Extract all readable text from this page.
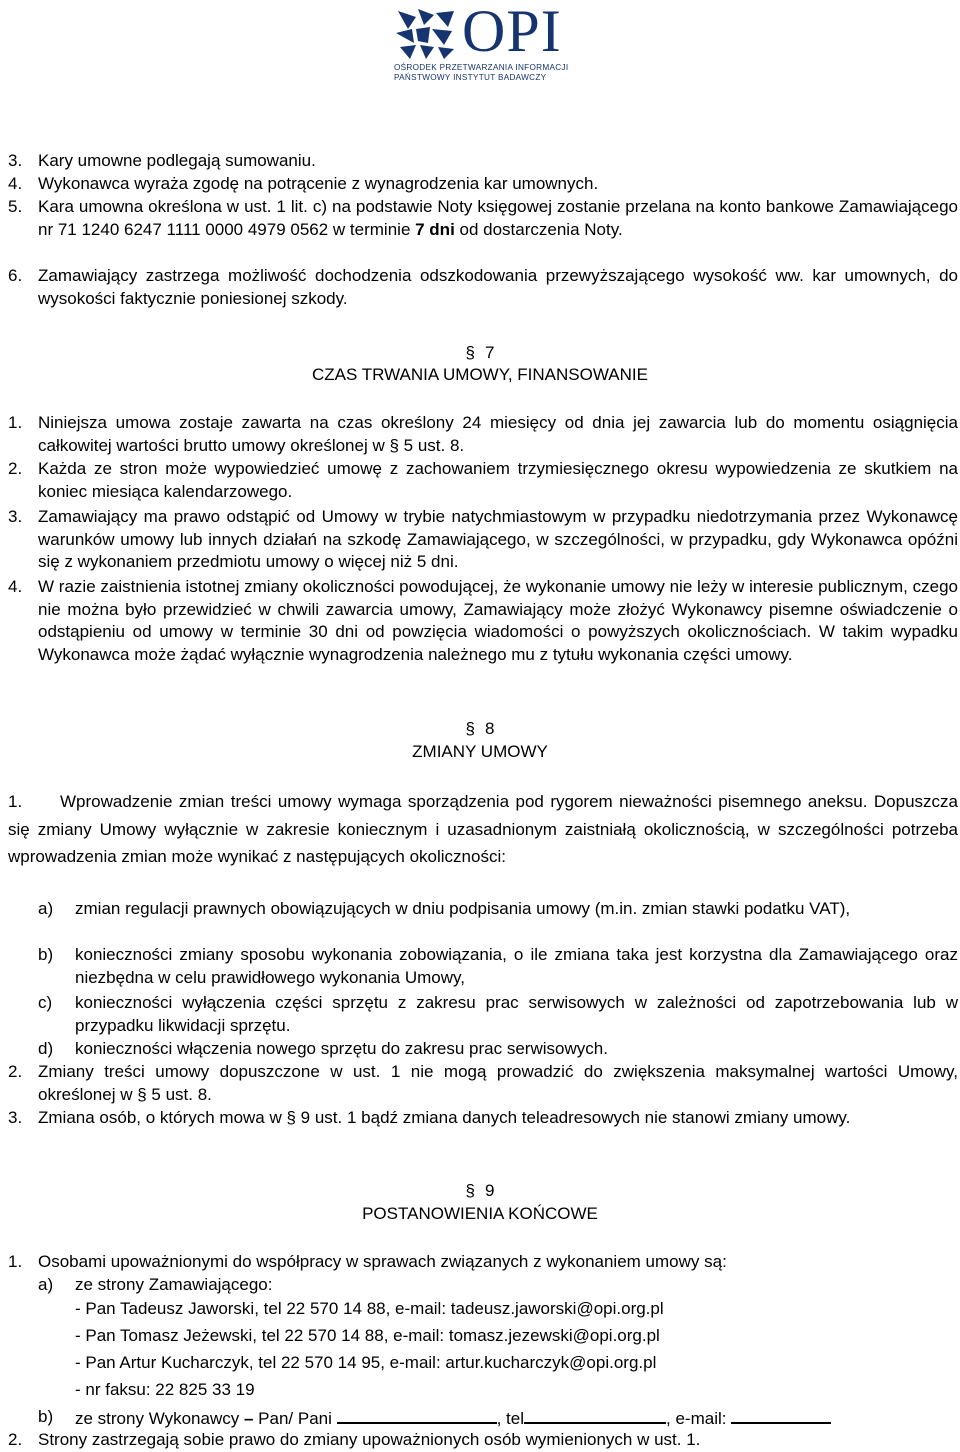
OPI
OŚRODEK PRZETWARZANIA INFORMACJI
PAŃSTWOWY INSTYTUT BADAWCZY
3. Kary umowne podlegają sumowaniu.
4. Wykonawca wyraża zgodę na potrącenie z wynagrodzenia kar umownych.
5. Kara umowna określona w ust. 1 lit. c) na podstawie Noty księgowej zostanie przelana na konto bankowe Zamawiającego nr 71 1240 6247 1111 0000 4979 0562 w terminie 7 dni od dostarczenia Noty.
6. Zamawiający zastrzega możliwość dochodzenia odszkodowania przewyższającego wysokość ww. kar umownych, do wysokości faktycznie poniesionej szkody.
§ 7
CZAS TRWANIA UMOWY, FINANSOWANIE
1. Niniejsza umowa zostaje zawarta na czas określony 24 miesięcy od dnia jej zawarcia lub do momentu osiągnięcia całkowitej wartości brutto umowy określonej w § 5 ust. 8.
2. Każda ze stron może wypowiedzieć umowę z zachowaniem trzymiesięcznego okresu wypowiedzenia ze skutkiem na koniec miesiąca kalendarzowego.
3. Zamawiający ma prawo odstąpić od Umowy w trybie natychmiastowym w przypadku niedotrzymania przez Wykonawcę warunków umowy lub innych działań na szkodę Zamawiającego, w szczególności, w przypadku, gdy Wykonawca opóźni się z wykonaniem przedmiotu umowy o więcej niż 5 dni.
4. W razie zaistnienia istotnej zmiany okoliczności powodującej, że wykonanie umowy nie leży w interesie publicznym, czego nie można było przewidzieć w chwili zawarcia umowy, Zamawiający może złożyć Wykonawcy pisemne oświadczenie o odstąpieniu od umowy w terminie 30 dni od powzięcia wiadomości o powyższych okolicznościach. W takim wypadku Wykonawca może żądać wyłącznie wynagrodzenia należnego mu z tytułu wykonania części umowy.
§ 8
ZMIANY UMOWY
1.	Wprowadzenie zmian treści umowy wymaga sporządzenia pod rygorem nieważności pisemnego aneksu. Dopuszcza się zmiany Umowy wyłącznie w zakresie koniecznym i uzasadnionym zaistniałą okolicznością, w szczególności potrzeba wprowadzenia zmian może wynikać z następujących okoliczności:
a) zmian regulacji prawnych obowiązujących w dniu podpisania umowy (m.in. zmian stawki podatku VAT),
b) konieczności zmiany sposobu wykonania zobowiązania, o ile zmiana taka jest korzystna dla Zamawiającego oraz niezbędna w celu prawidłowego wykonania Umowy,
c) konieczności wyłączenia części sprzętu z zakresu prac serwisowych w zależności od zapotrzebowania lub w przypadku likwidacji sprzętu.
d) konieczności włączenia nowego sprzętu do zakresu prac serwisowych.
2. Zmiany treści umowy dopuszczone w ust. 1 nie mogą prowadzić do zwiększenia maksymalnej wartości Umowy, określonej w § 5 ust. 8.
3. Zmiana osób, o których mowa w § 9 ust. 1 bądź zmiana danych teleadresowych nie stanowi zmiany umowy.
§ 9
POSTANOWIENIA KOŃCOWE
1. Osobami upoważnionymi do współpracy w sprawach związanych z wykonaniem umowy są:
a) ze strony Zamawiającego:
- Pan Tadeusz Jaworski, tel 22 570 14 88, e-mail: tadeusz.jaworski@opi.org.pl
- Pan Tomasz Jeżewski, tel 22 570 14 88, e-mail: tomasz.jezewski@opi.org.pl
- Pan Artur Kucharczyk, tel 22 570 14 95, e-mail: artur.kucharczyk@opi.org.pl
- nr faksu: 22 825 33 19
b) ze strony Wykonawcy – Pan/ Pani	, tel	, e-mail:
2. Strony zastrzegają sobie prawo do zmiany upoważnionych osób wymienionych w ust. 1.
